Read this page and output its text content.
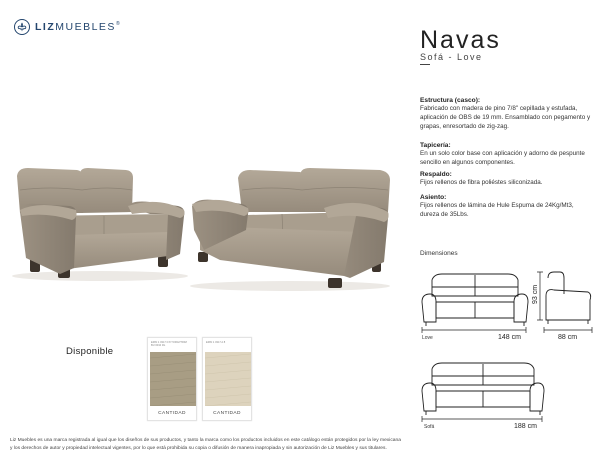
LIZMUEBLES®
Navas
Sofá - Love
Estructura (casco):
Fabricado con madera de pino 7/8" cepillada y estufada, aplicación de OBS de 19 mm. Ensamblado con pegamento y grapas, enresortado de zig-zag.
Tapicería:
En un solo color base con aplicación y adorno de pespunte sencillo en algunos componentes.
Respaldo:
Fijos rellenos de fibra poliéstes siliconizada.
Asiento:
Fijos rellenos de lámina de Hule Espuma de 24Kg/Mt3, dureza de 35Lbs.
Dimensiones
Love	148 cm
93 cm
88 cm
Sofá	188 cm
Disponible
ERIN 1 0317 D 8 TOPAZ/TRIM BU 0034 3G
CANTIDAD
ERIN 1 0317 A 8
CANTIDAD
Liz Muebles es una marca registrada al igual que los diseños de sus productos, y tanto la marca como los productos incluidos en este catálogo están protegidos por la ley mexicana y los derechos de autor y propiedad intelectual vigentes, por lo que está prohibida su copia o difusión de manera inapropiada y sin autorización de Liz Muebles y sus titulares.
